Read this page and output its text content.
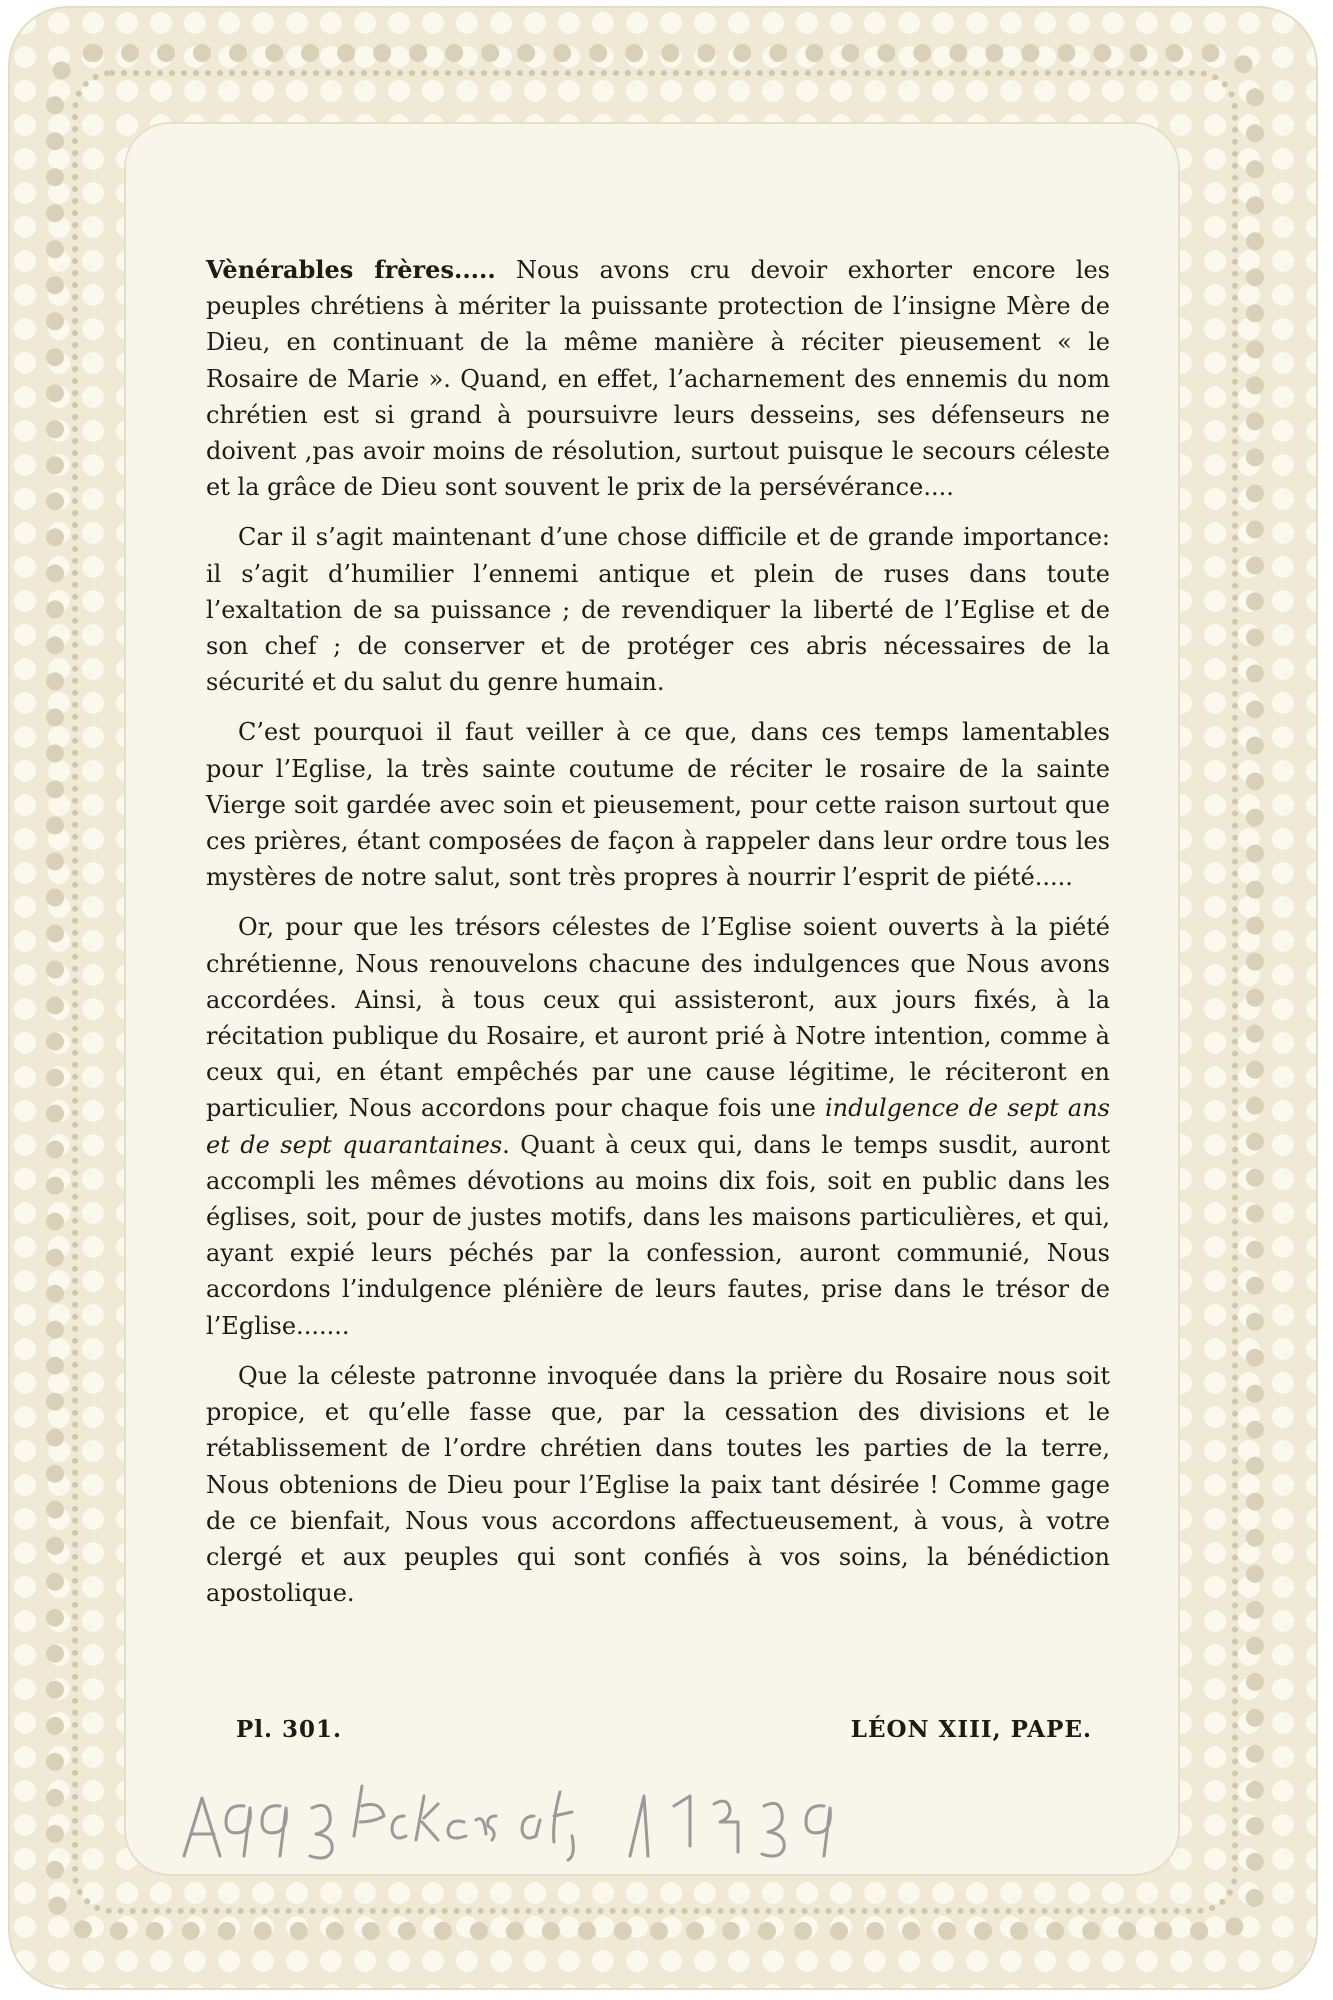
Vènérables frères..... Nous avons cru devoir exhorter encore les peuples chrétiens à mériter la puissante protection de l’insigne Mère de Dieu, en continuant de la même manière à réciter pieusement « le Rosaire de Marie ». Quand, en effet, l’acharnement des ennemis du nom chrétien est si grand à poursuivre leurs desseins, ses défenseurs ne doivent ,pas avoir moins de résolution, surtout puisque le secours céleste et la grâce de Dieu sont souvent le prix de la persévérance....

Car il s’agit maintenant d’une chose difficile et de grande importance: il s’agit d’humilier l’ennemi antique et plein de ruses dans toute l’exaltation de sa puissance ; de revendiquer la liberté de l’Eglise et de son chef ; de conserver et de protéger ces abris nécessaires de la sécurité et du salut du genre humain.

C’est pourquoi il faut veiller à ce que, dans ces temps lamentables pour l’Eglise, la très sainte coutume de réciter le rosaire de la sainte Vierge soit gardée avec soin et pieusement, pour cette raison surtout que ces prières, étant composées de façon à rappeler dans leur ordre tous les mystères de notre salut, sont très propres à nourrir l’esprit de piété.....

Or, pour que les trésors célestes de l’Eglise soient ouverts à la piété chrétienne, Nous renouvelons chacune des indulgences que Nous avons accordées. Ainsi, à tous ceux qui assisteront, aux jours fixés, à la récitation publique du Rosaire, et auront prié à Notre intention, comme à ceux qui, en étant empêchés par une cause légitime, le réciteront en particulier, Nous accordons pour chaque fois une indulgence de sept ans et de sept quarantaines. Quant à ceux qui, dans le temps susdit, auront accompli les mêmes dévotions au moins dix fois, soit en public dans les églises, soit, pour de justes motifs, dans les maisons particulières, et qui, ayant expié leurs péchés par la confession, auront communié, Nous accordons l’indulgence plénière de leurs fautes, prise dans le trésor de l’Eglise.......

Que la céleste patronne invoquée dans la prière du Rosaire nous soit propice, et qu’elle fasse que, par la cessation des divisions et le rétablissement de l’ordre chrétien dans toutes les parties de la terre, Nous obtenions de Dieu pour l’Eglise la paix tant désirée ! Comme gage de ce bienfait, Nous vous accordons affectueusement, à vous, à votre clergé et aux peuples qui sont confiés à vos soins, la bénédiction apostolique.

Pl. 301.	LÉON XIII, PAPE.
